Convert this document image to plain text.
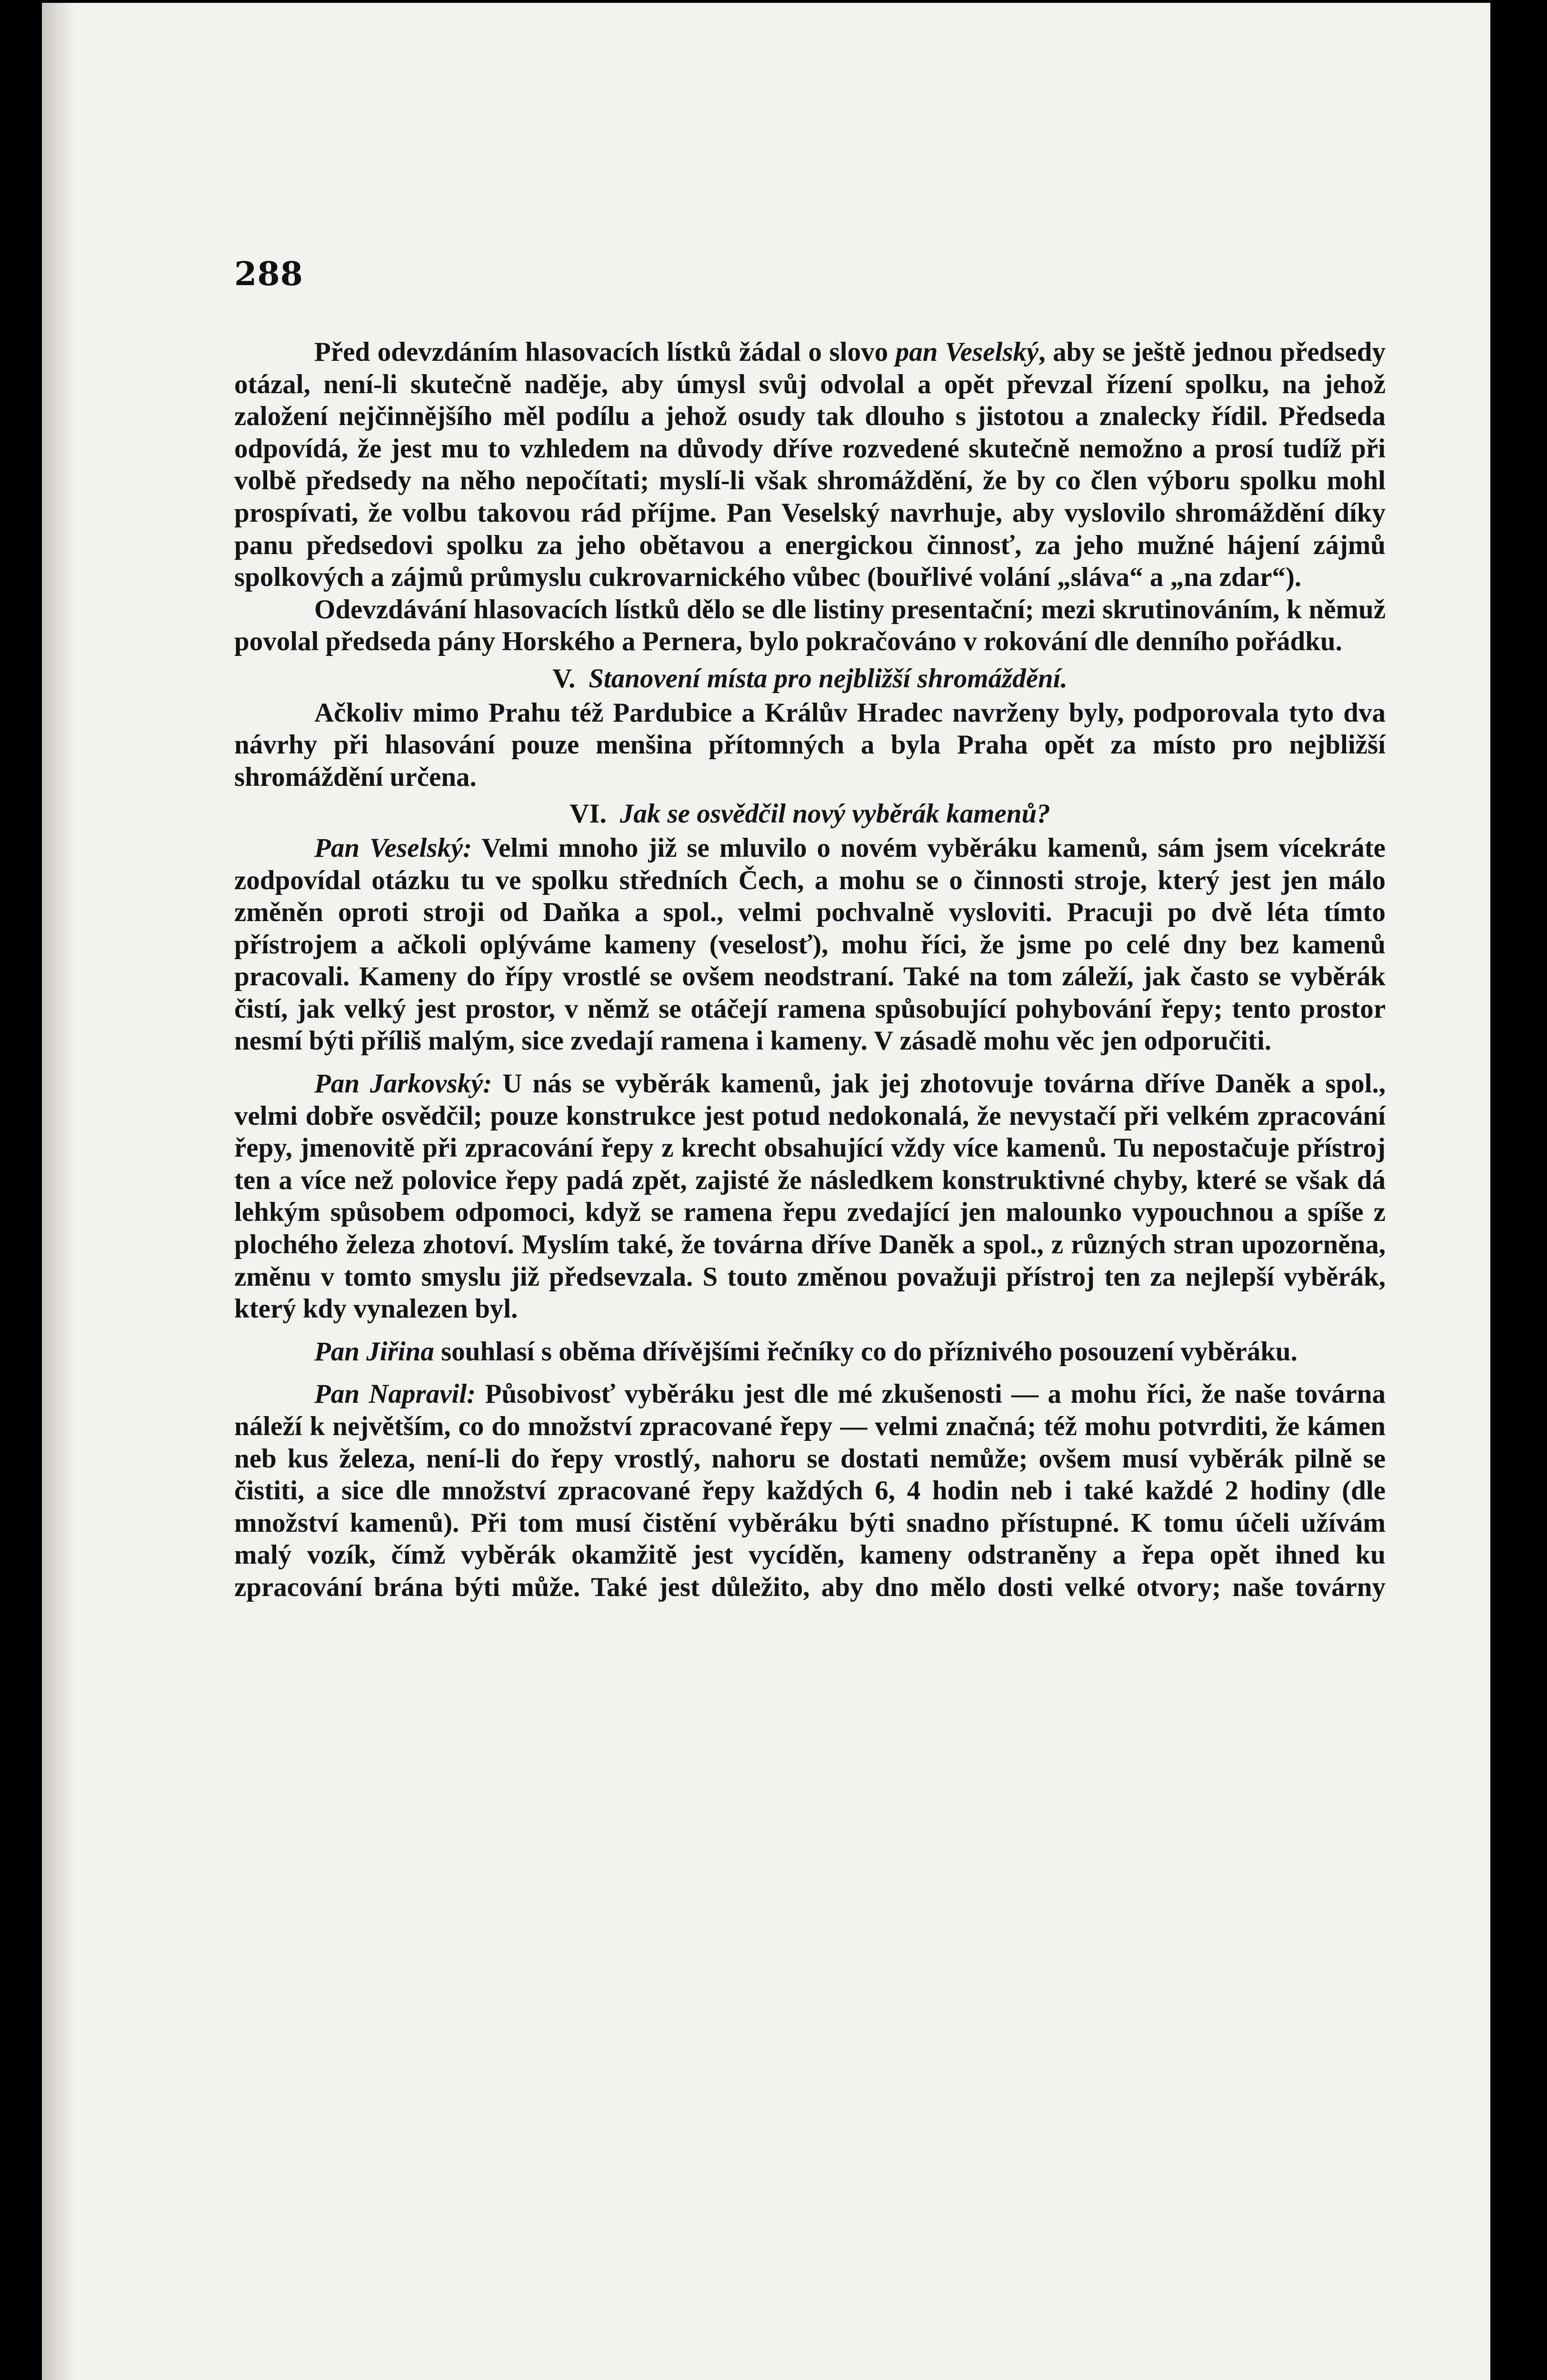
288

Před odevzdáním hlasovacích lístků žádal o slovo pan Veselský, aby se ještě jednou předsedy otázal, není-li skutečně naděje, aby úmysl svůj odvolal a opět převzal řízení spolku, na jehož založení nejčinnějšího měl podílu a jehož osudy tak dlouho s jistotou a znalecky řídil. Předseda odpovídá, že jest mu to vzhledem na důvody dříve rozvedené skutečně nemožno a prosí tudíž při volbě předsedy na něho nepočítati; myslí-li však shromáždění, že by co člen výboru spolku mohl prospívati, že volbu takovou rád příjme. Pan Veselský navrhuje, aby vyslovilo shromáždění díky panu předsedovi spolku za jeho obětavou a energickou činnosť, za jeho mužné hájení zájmů spolkových a zájmů průmyslu cukrovarnického vůbec (bouřlivé volání „sláva“ a „na zdar“).

Odevzdávání hlasovacích lístků dělo se dle listiny presentační; mezi skrutinováním, k němuž povolal předseda pány Horského a Pernera, bylo pokračováno v rokování dle denního pořádku.

V. Stanovení místa pro nejbližší shromáždění.

Ačkoliv mimo Prahu též Pardubice a Králův Hradec navrženy byly, podporovala tyto dva návrhy při hlasování pouze menšina přítomných a byla Praha opět za místo pro nejbližší shromáždění určena.

VI. Jak se osvědčil nový vyběrák kamenů?

Pan Veselský: Velmi mnoho již se mluvilo o novém vyběráku kamenů, sám jsem vícekráte zodpovídal otázku tu ve spolku středních Čech, a mohu se o činnosti stroje, který jest jen málo změněn oproti stroji od Daňka a spol., velmi pochvalně vysloviti. Pracuji po dvě léta tímto přístrojem a ačkoli oplýváme kameny (veselosť), mohu říci, že jsme po celé dny bez kamenů pracovali. Kameny do řípy vrostlé se ovšem neodstraní. Také na tom záleží, jak často se vyběrák čistí, jak velký jest prostor, v němž se otáčejí ramena spůsobující pohybování řepy; tento prostor nesmí býti příliš malým, sice zvedají ramena i kameny. V zásadě mohu věc jen odporučiti.

Pan Jarkovský: U nás se vyběrák kamenů, jak jej zhotovuje továrna dříve Daněk a spol., velmi dobře osvědčil; pouze konstrukce jest potud nedokonalá, že nevystačí při velkém zpracování řepy, jmenovitě při zpracování řepy z krecht obsahující vždy více kamenů. Tu nepostačuje přístroj ten a více než polovice řepy padá zpět, zajisté že následkem konstruktivné chyby, které se však dá lehkým spůsobem odpomoci, když se ramena řepu zvedající jen malounko vypouchnou a spíše z plochého železa zhotoví. Myslím také, že továrna dříve Daněk a spol., z různých stran upozorněna, změnu v tomto smyslu již předsevzala. S touto změnou považuji přístroj ten za nejlepší vyběrák, který kdy vynalezen byl.

Pan Jiřina souhlasí s oběma dřívějšími řečníky co do příznivého posouzení vyběráku.

Pan Napravil: Působivosť vyběráku jest dle mé zkušenosti — a mohu říci, že naše továrna náleží k největším, co do množství zpracované řepy — velmi značná; též mohu potvrditi, že kámen neb kus železa, není-li do řepy vrostlý, nahoru se dostati nemůže; ovšem musí vyběrák pilně se čistiti, a sice dle množství zpracované řepy každých 6, 4 hodin neb i také každé 2 hodiny (dle množství kamenů). Při tom musí čistění vyběráku býti snadno přístupné. K tomu účeli užívám malý vozík, čímž vyběrák okamžitě jest vycíděn, kameny odstraněny a řepa opět ihned ku zpracování brána býti může. Také jest důležito, aby dno mělo dosti velké otvory; naše továrny
